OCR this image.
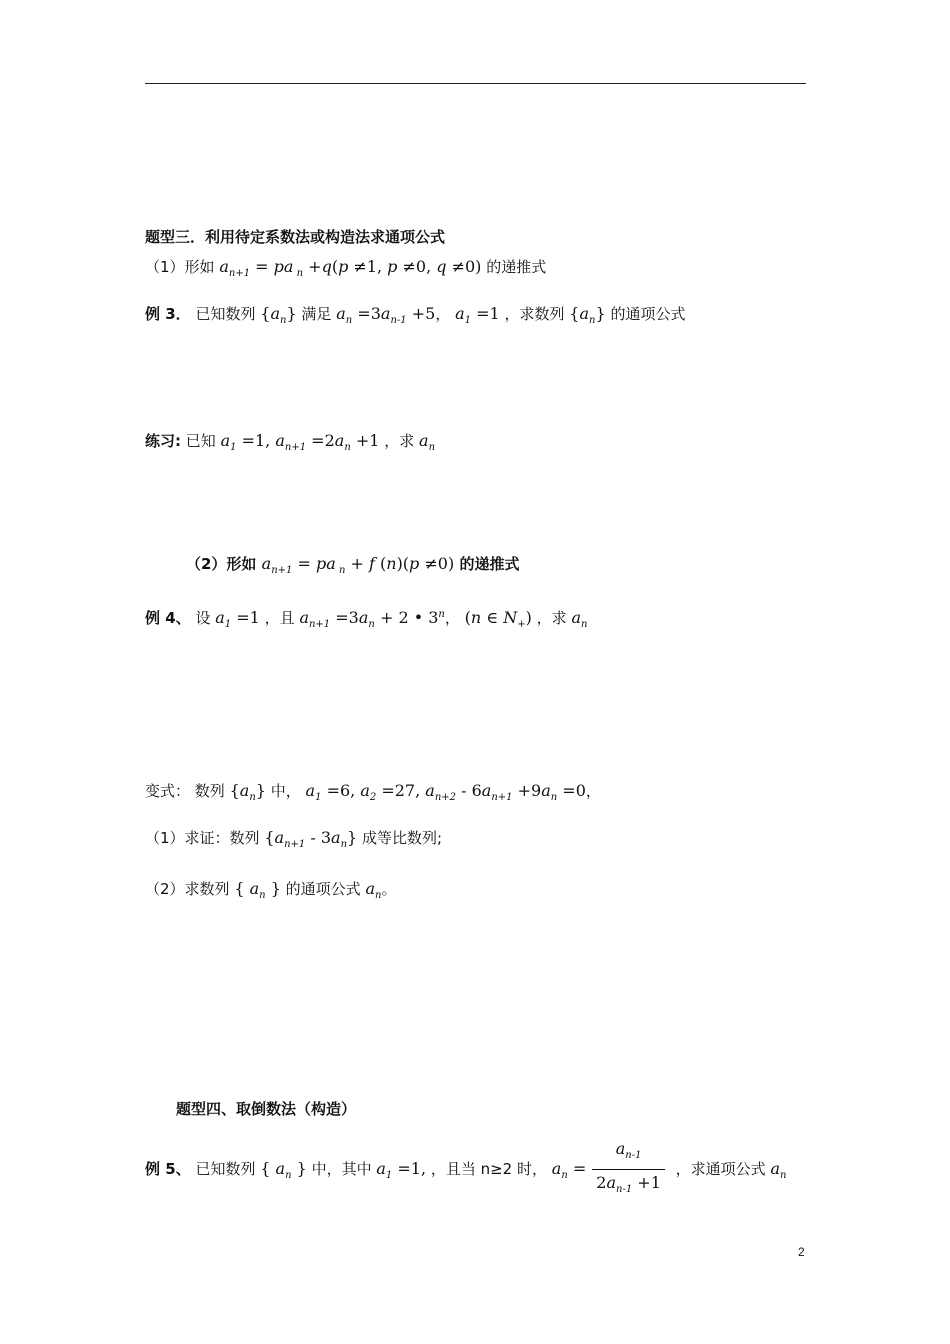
题型三．利用待定系数法或构造法求通项公式
（1）形如 $a_{n+1}$ = pa $_n$ +q(p ≠1, p ≠0, q ≠0) 的递推式
例 3． 已知数列 $\{a_n\}$ 满足 $a_n =3a_{n-1} +5$， $a_1 =1$ ，求数列 $\{a_n\}$ 的通项公式
练习: 已知 $a_1 =1$, $a_{n+1} =2a_n +1$ ，求 $a_n$
（2）形如 $a_{n+1}$ = pa $_n$ + f (n)(p ≠0) 的递推式
例 4、 设 $a_1 =1$ ，且 $a_{n+1} =3a_n + 2$ • 3$^n$， (n ∈ $N_+$) ，求 $a_n$
变式： 数列 $\{a_n\}$ 中， $a_1 =6$, $a_2 =27$, $a_{n+2} - 6a_{n+1} +9a_n =0$，
（1）求证：数列 $\{a_{n+1} - 3a_n\}$ 成等比数列;
（2）求数列 { $a_n$ } 的通项公式 $a_n$。
题型四、取倒数法（构造）
例 5、 已知数列 { $a_n$ } 中，其中 $a_1 =1$, ，且当 n≥2 时， $a_n = \frac{a_{n-1}}{2a_{n-1} +1}$ ，求通项公式 $a_n$
2
